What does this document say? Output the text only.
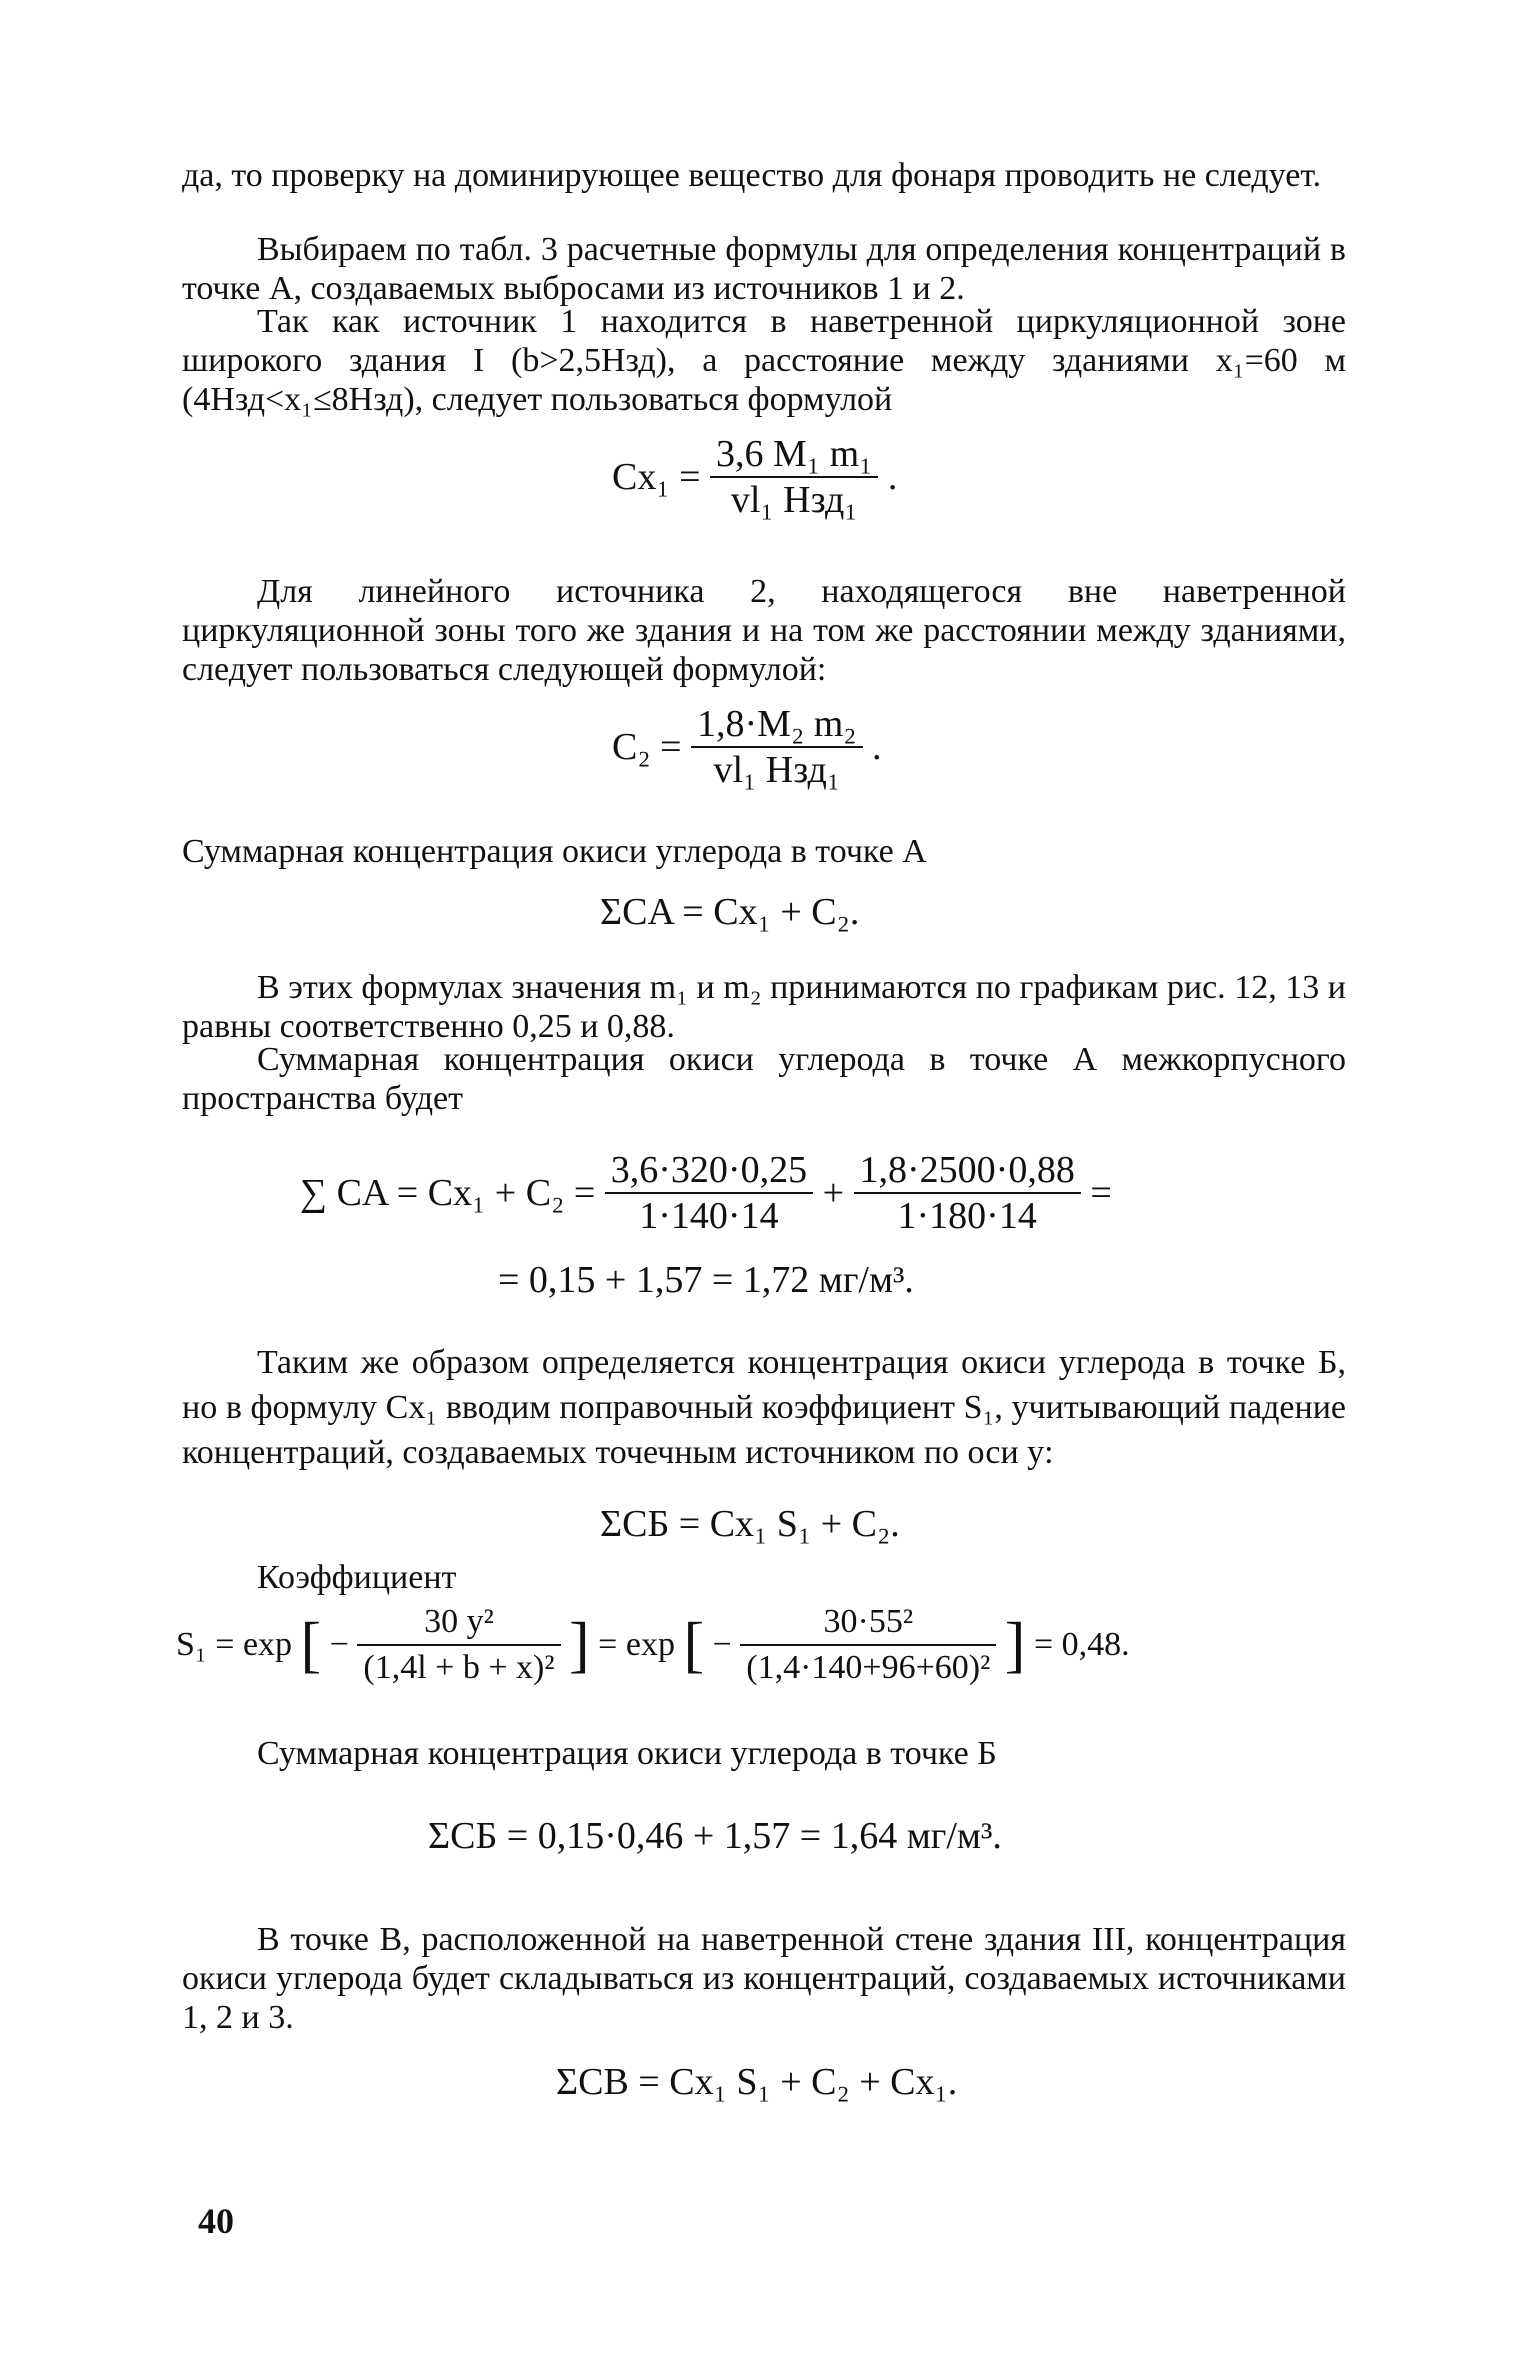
да, то проверку на доминирующее вещество для фонаря проводить не следует.

Выбираем по табл. 3 расчетные формулы для определения концентраций в точке А, создаваемых выбросами из источников 1 и 2.

Так как источник 1 находится в наветренной циркуляционной зоне широкого здания I (b>2,5Hзд), а расстояние между зданиями x₁=60 м (4Hзд<x₁≤8Hзд), следует пользоваться формулой

$Cx_1 = \frac{\text{3,6 M₁ m₁}}{\text{vl₁ Hзд₁}}$ .

Для линейного источника 2, находящегося вне наветренной циркуляционной зоны того же здания и на том же расстоянии между зданиями, следует пользоваться следующей формулой:

$C_2 = \frac{\text{1,8·M₂ m₂}}{\text{vl₁ Hзд₁}}$ .

Суммарная концентрация окиси углерода в точке А

ΣCA = Cx₁ + C₂.

В этих формулах значения m₁ и m₂ принимаются по графикам рис. 12, 13 и равны соответственно 0,25 и 0,88.

Суммарная концентрация окиси углерода в точке А межкорпусного пространства будет

∑ CA = $Cx_1 + C_2 = \frac{3,6\cdot 320\cdot 0,25}{1\cdot 140\cdot 14} + \frac{1,8\cdot 2500\cdot 0,88}{1\cdot 180\cdot 14}$ =
= 0,15 + 1,57 = 1,72 мг/м³.

Таким же образом определяется концентрация окиси углерода в точке Б, но в формулу Cx₁ вводим поправочный коэффициент S₁, учитывающий падение концентраций, создаваемых точечным источником по оси y:

ΣCБ = Cx₁ S₁ + C₂.

Коэффициент

S₁ = exp [ − $\frac{\text{30 y²}}{\text{(1,4l + b + x)²}}$ ] = exp [ − $\frac{\text{30·55²}}{\text{(1,4·140+96+60)²}}$ ] = 0,48.

Суммарная концентрация окиси углерода в точке Б

ΣCБ = 0,15·0,46 + 1,57 = 1,64 мг/м³.

В точке В, расположенной на наветренной стене здания III, концентрация окиси углерода будет складываться из концентраций, создаваемых источниками 1, 2 и 3.

ΣCВ = Cx₁ S₁ + C₂ + Cx₁.
40
